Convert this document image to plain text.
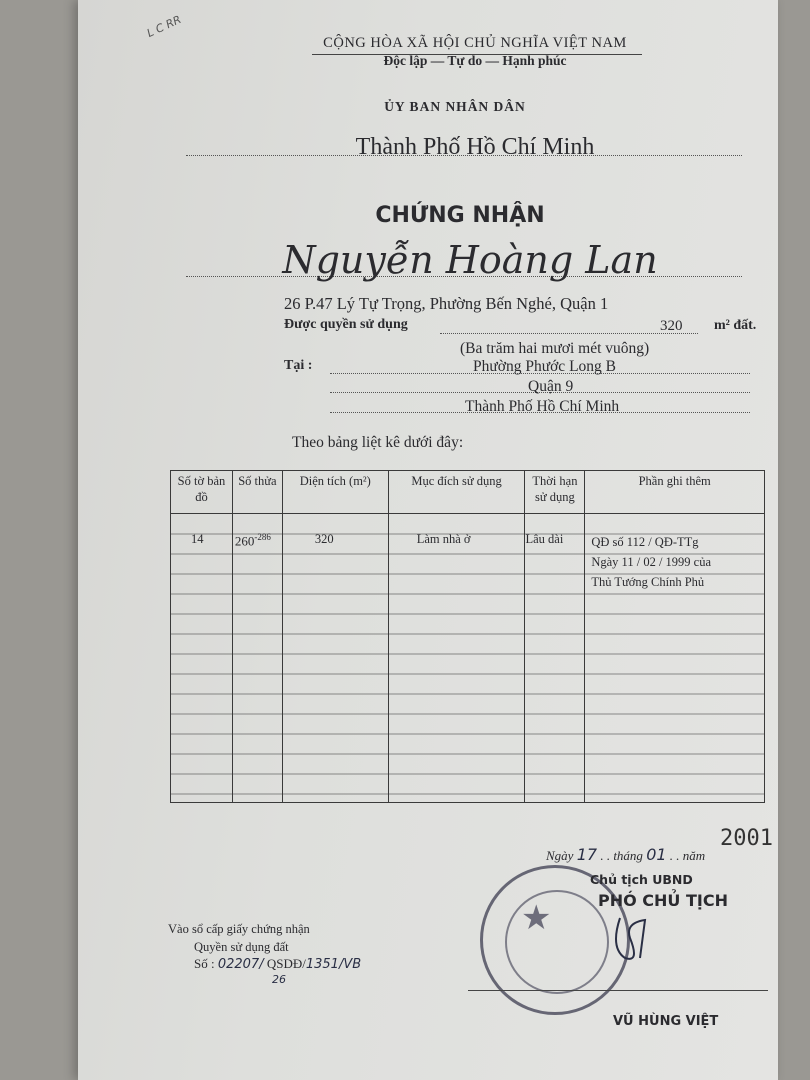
L C RR
CỘNG HÒA XÃ HỘI CHỦ NGHĨA VIỆT NAM
Độc lập — Tự do — Hạnh phúc
ỦY BAN NHÂN DÂN
Thành Phố Hồ Chí Minh
CHỨNG NHẬN
Nguyễn Hoàng Lan
26 P.47 Lý Tự Trọng, Phường Bến Nghé, Quận 1
Được quyền sử dụng	320 m² đất.
(Ba trăm hai mươi mét vuông)
Tại :	Phường Phước Long B
Quận 9
Thành Phố Hồ Chí Minh
Theo bảng liệt kê dưới đây:
Số tờ bản đồ	Số thửa	Diện tích (m²)	Mục đích sử dụng	Thời hạn sử dụng	Phần ghi thêm

14	$260^{-286}$	320	Làm nhà ở	Lâu dài	QĐ số 112 / QĐ-TTg
Ngày 11 / 02 / 1999 của
Thủ Tướng Chính Phủ
Ngày 17 . . tháng 01 . . năm
2001
★
Chủ tịch UBND
PHÓ CHỦ TỊCH
VŨ HÙNG VIỆT
Vào sổ cấp giấy chứng nhận
Quyền sử dụng đất
Số : 02207/ QSDĐ/1351/VB
26
